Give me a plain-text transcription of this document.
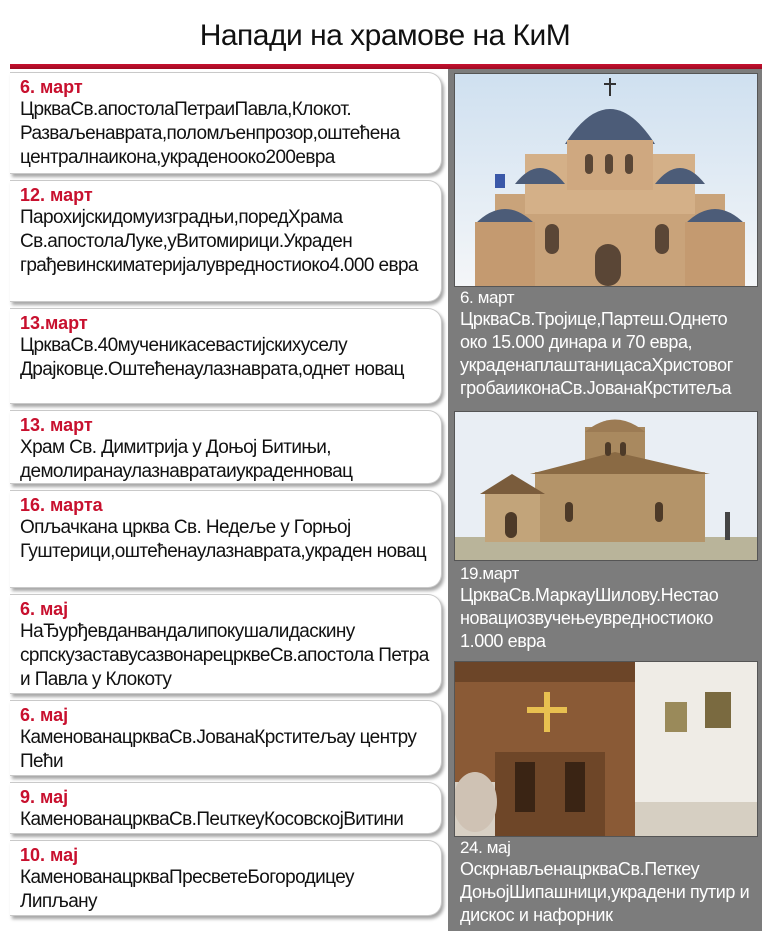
Напади на храмове на КиМ
6. март
ЦркваСв.апостолаПетраиПавла,Клокот. Разваљенаврата,поломљенпрозор,оштећена централнаикона,украденооко200евра
12. март
Парохијскидомуизградњи,поредХрама Св.апостолаЛуке,уВитомирици.Украден грађевинскиматеријалувредностиоко4.000 евра
13.март
ЦркваСв.40мученикасевастијскихуселу Драјковце.Оштећенаулазнаврата,однет новац
13. март
Храм Св. Димитрија у Доњој Битињи, демолиранаулазнавратаиукраденновац
16. марта
Опљачкана црква Св. Недеље у Горњој Гуштерици,оштећенаулазнаврата,украден новац
6. мај
НаЂурђевданвандалипокушалидаскину српскузаставусазвонарецрквеСв.апостола Петра и Павла у Клокоту
6. мај
КаменованацркваСв.ЈованаКрститељау центру Пећи
9. мај
КаменованацркваСв.ПeuткеуКосовскојВитини
10. мај
КаменованацркваПресветеБогородицеу Липљану
6. март
ЦркваСв.Тројице,Партеш.Однето око 15.000 динара и 70 евра, украденаплаштаницасаХристовог гробаииконаСв.ЈованаКрститеља
19.март
ЦркваСв.МаркауШилову.Нестао новациозвучењеувредностиоко 1.000 евра
24. мај
ОскрнављенацркваСв.Петкеу ДоњојШипашници,украдени путир и дискос и нафорник
